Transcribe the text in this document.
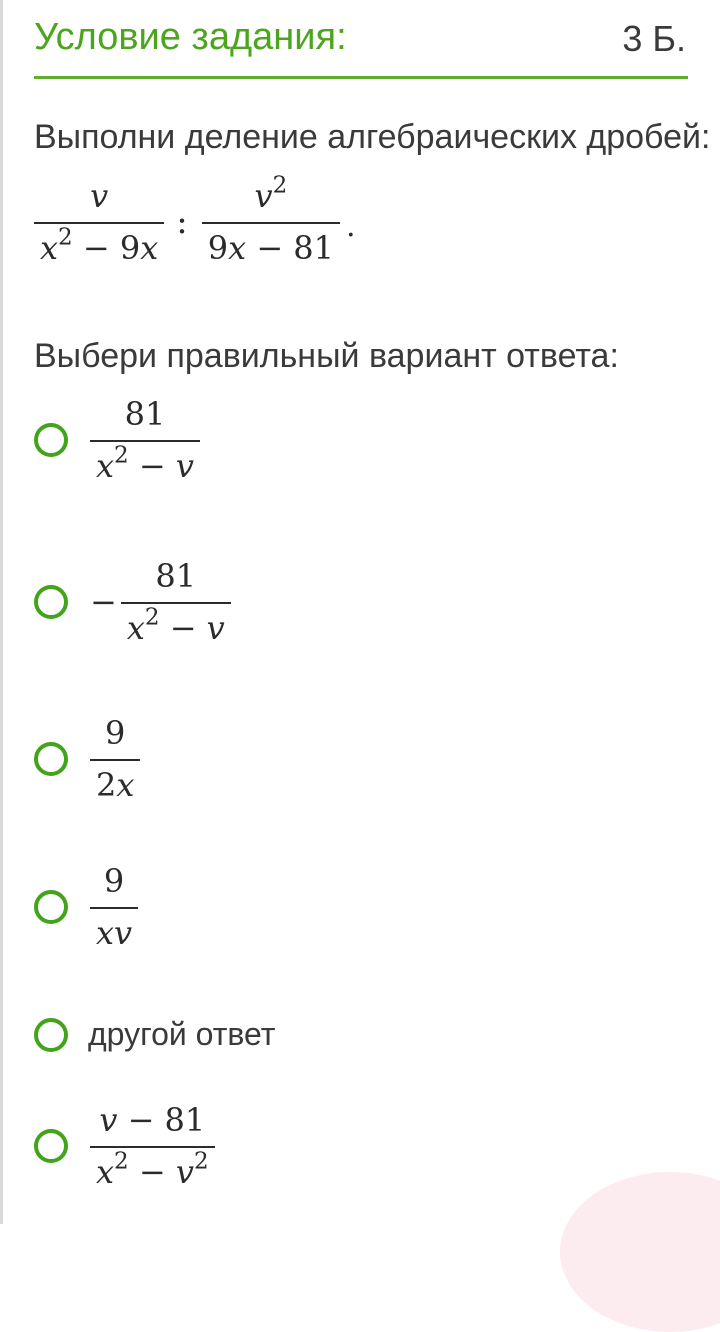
Условие задания:	3 Б.
Выполни деление алгебраических дробей:
$\frac{v}{x^2 - 9x}$ : $\frac{v^2}{9x - 81}$ .
Выбери правильный вариант ответа:
$\frac{81}{x^2 - v}$
− $\frac{81}{x^2 - v}$
$\frac{9}{2x}$
$\frac{9}{xv}$
другой ответ
$\frac{v - 81}{x^2 - v^2}$
